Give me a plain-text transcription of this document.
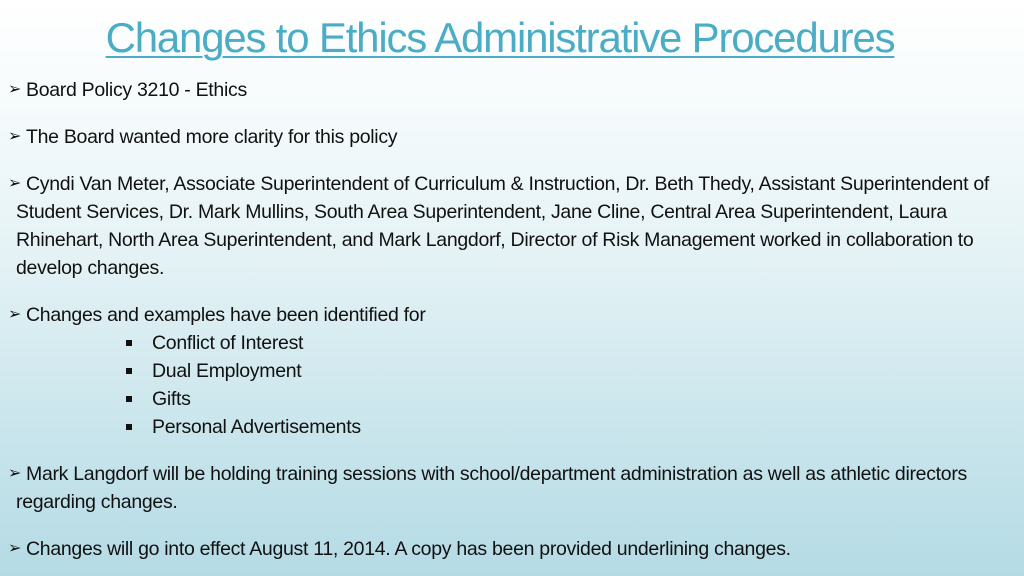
Changes to Ethics Administrative Procedures
➢ Board Policy 3210 - Ethics
➢ The Board wanted more clarity for this policy
➢ Cyndi Van Meter, Associate Superintendent of Curriculum & Instruction, Dr. Beth Thedy, Assistant Superintendent of Student Services, Dr. Mark Mullins, South Area Superintendent, Jane Cline, Central Area Superintendent, Laura Rhinehart, North Area Superintendent, and Mark Langdorf, Director of Risk Management worked in collaboration to develop changes.
➢ Changes and examples have been identified for
Conflict of Interest
Dual Employment
Gifts
Personal Advertisements
➢ Mark Langdorf will be holding training sessions with school/department administration as well as athletic directors regarding changes.
➢ Changes will go into effect August 11, 2014. A copy has been provided underlining changes.
